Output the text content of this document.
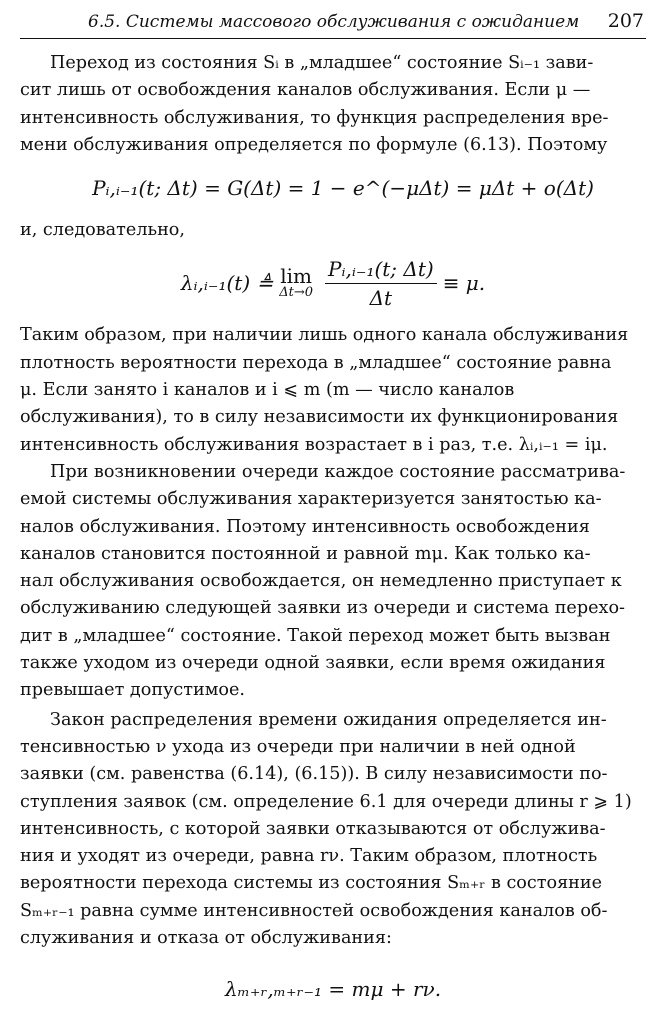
6.5. Системы массового обслуживания с ожиданием 207

Переход из состояния Sᵢ в „младшее“ состояние Sᵢ₋₁ зави-

сит лишь от освобождения каналов обслуживания. Если μ —

интенсивность обслуживания, то функция распределения вре-

мени обслуживания определяется по формуле (6.13). Поэтому

Pᵢ,ᵢ₋₁(t; Δt) = G(Δt) = 1 − e^(−μΔt) = μΔt + o(Δt)

и, следовательно,

λᵢ,ᵢ₋₁(t) ≜ lim
$\Delta t\to 0 \frac{\text{Pᵢ,ᵢ₋₁(t; Δt)}}{\Delta t} \equiv \mu$.

Таким образом, при наличии лишь одного канала обслуживания

плотность вероятности перехода в „младшее“ состояние равна

μ. Если занято i каналов и i ⩽ m (m — число каналов

обслуживания), то в силу независимости их функционирования

интенсивность обслуживания возрастает в i раз, т.е. λᵢ,ᵢ₋₁ = iμ.

При возникновении очереди каждое состояние рассматрива-

емой системы обслуживания характеризуется занятостью ка-

налов обслуживания. Поэтому интенсивность освобождения

каналов становится постоянной и равной mμ. Как только ка-

нал обслуживания освобождается, он немедленно приступает к

обслуживанию следующей заявки из очереди и система перехо-

дит в „младшее“ состояние. Такой переход может быть вызван

также уходом из очереди одной заявки, если время ожидания

превышает допустимое.

Закон распределения времени ожидания определяется ин-

тенсивностью ν ухода из очереди при наличии в ней одной

заявки (см. равенства (6.14), (6.15)). В силу независимости по-

ступления заявок (см. определение 6.1 для очереди длины r ⩾ 1)

интенсивность, с которой заявки отказываются от обслужива-

ния и уходят из очереди, равна rν. Таким образом, плотность

вероятности перехода системы из состояния Sₘ₊ᵣ в состояние

Sₘ₊ᵣ₋₁ равна сумме интенсивностей освобождения каналов об-

служивания и отказа от обслуживания:

λₘ₊ᵣ,ₘ₊ᵣ₋₁ = mμ + rν.
